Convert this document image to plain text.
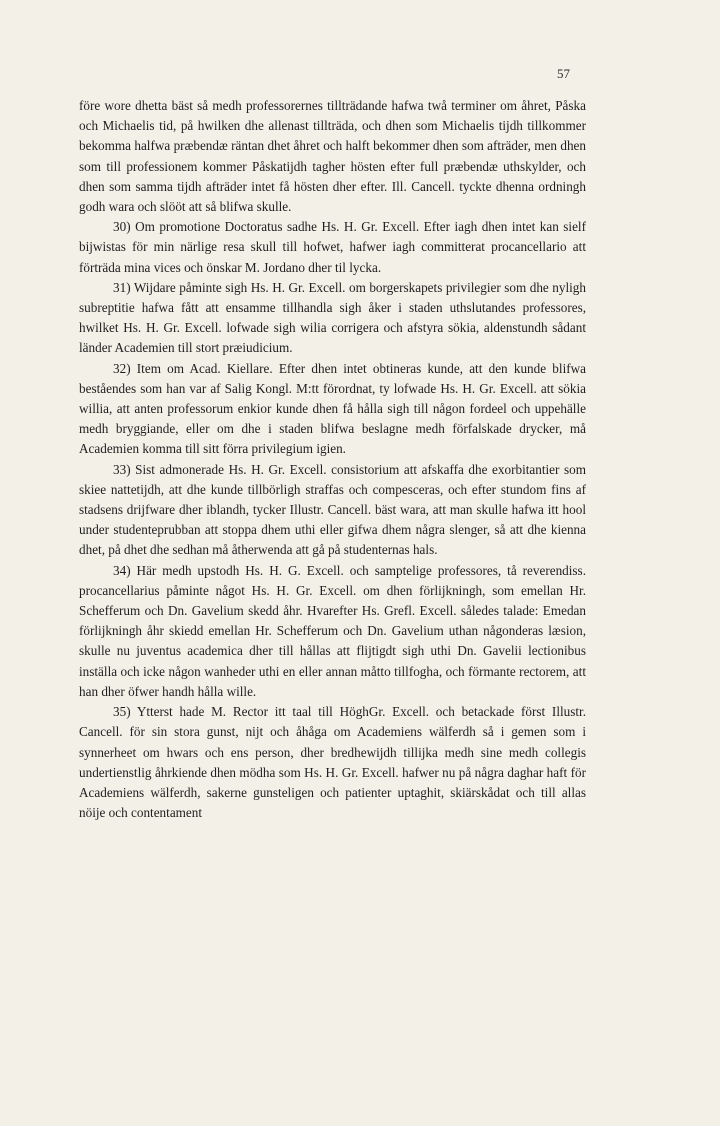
57

före wore dhetta bäst så medh professorernes tillträdande hafwa twå terminer om åhret, Påska och Michaelis tid, på hwilken dhe allenast tillträda, och dhen som Michaelis tijdh tillkommer bekomma halfwa præbendæ räntan dhet åhret och halft bekommer dhen som afträder, men dhen som till professionem kommer Påskatijdh tagher hösten efter full præbendæ uthskylder, och dhen som samma tijdh afträder intet få hösten dher efter. Ill. Cancell. tyckte dhenna ordningh godh wara och slööt att så blifwa skulle.

30) Om promotione Doctoratus sadhe Hs. H. Gr. Excell. Efter iagh dhen intet kan sielf bijwistas för min närlige resa skull till hofwet, hafwer iagh committerat procancellario att förträda mina vices och önskar M. Jordano dher til lycka.

31) Wijdare påminte sigh Hs. H. Gr. Excell. om borgerskapets privilegier som dhe nyligh subreptitie hafwa fått att ensamme tillhandla sigh åker i staden uthslutandes professores, hwilket Hs. H. Gr. Excell. lofwade sigh wilia corrigera och afstyra sökia, aldenstundh sådant länder Academien till stort præiudicium.

32) Item om Acad. Kiellare. Efter dhen intet obtineras kunde, att den kunde blifwa beståendes som han var af Salig Kongl. M:tt förordnat, ty lofwade Hs. H. Gr. Excell. att sökia willia, att anten professorum enkior kunde dhen få hålla sigh till någon fordeel och uppehälle medh bryggiande, eller om dhe i staden blifwa beslagne medh förfalskade drycker, må Academien komma till sitt förra privilegium igien.

33) Sist admonerade Hs. H. Gr. Excell. consistorium att afskaffa dhe exorbitantier som skiee nattetijdh, att dhe kunde tillbörligh straffas och compesceras, och efter stundom fins af stadsens drijfware dher iblandh, tycker Illustr. Cancell. bäst wara, att man skulle hafwa itt hool under studenteprubban att stoppa dhem uthi eller gifwa dhem några slenger, så att dhe kienna dhet, på dhet dhe sedhan må åtherwenda att gå på studenternas hals.

34) Här medh upstodh Hs. H. G. Excell. och samptelige professores, tå reverendiss. procancellarius påminte något Hs. H. Gr. Excell. om dhen förlijkningh, som emellan Hr. Schefferum och Dn. Gavelium skedd åhr. Hvarefter Hs. Grefl. Excell. således talade: Emedan förlijkningh åhr skiedd emellan Hr. Schefferum och Dn. Gavelium uthan någonderas læsion, skulle nu juventus academica dher till hållas att flijtigdt sigh uthi Dn. Gavelii lectionibus inställa och icke någon wanheder uthi en eller annan måtto tillfogha, och förmante rectorem, att han dher öfwer handh hålla wille.

35) Ytterst hade M. Rector itt taal till HöghGr. Excell. och betackade först Illustr. Cancell. för sin stora gunst, nijt och åhåga om Academiens wälferdh så i gemen som i synnerheet om hwars och ens person, dher bredhewijdh tillijka medh sine medh collegis undertienstlig åhrkiende dhen mödha som Hs. H. Gr. Excell. hafwer nu på några daghar haft för Academiens wälferdh, sakerne gunsteligen och patienter uptaghit, skiärskådat och till allas nöije och contentament
